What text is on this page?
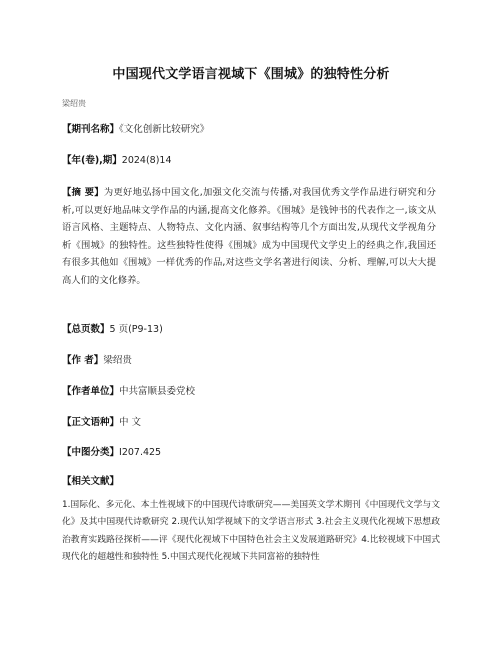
中国现代文学语言视域下《围城》的独特性分析
梁绍贵
【期刊名称】《文化创新比较研究》
【年(卷),期】2024(8)14
【摘 要】为更好地弘扬中国文化,加强文化交流与传播,对我国优秀文学作品进行研究和分析,可以更好地品味文学作品的内涵,提高文化修养。《围城》是钱钟书的代表作之一,该文从语言风格、主题特点、人物特点、文化内涵、叙事结构等几个方面出发,从现代文学视角分析《围城》的独特性。这些独特性使得《围城》成为中国现代文学史上的经典之作,我国还有很多其他如《围城》一样优秀的作品,对这些文学名著进行阅读、分析、理解,可以大大提高人们的文化修养。
【总页数】5 页(P9-13)
【作 者】梁绍贵
【作者单位】中共富顺县委党校
【正文语种】中 文
【中图分类】I207.425
【相关文献】
1.国际化、多元化、本土性视域下的中国现代诗歌研究——美国英文学术期刊《中国现代文学与文化》及其中国现代诗歌研究 2.现代认知学视域下的文学语言形式 3.社会主义现代化视域下思想政治教育实践路径探析——评《现代化视域下中国特色社会主义发展道路研究》4.比较视域下中国式现代化的超越性和独特性 5.中国式现代化视域下共同富裕的独特性
